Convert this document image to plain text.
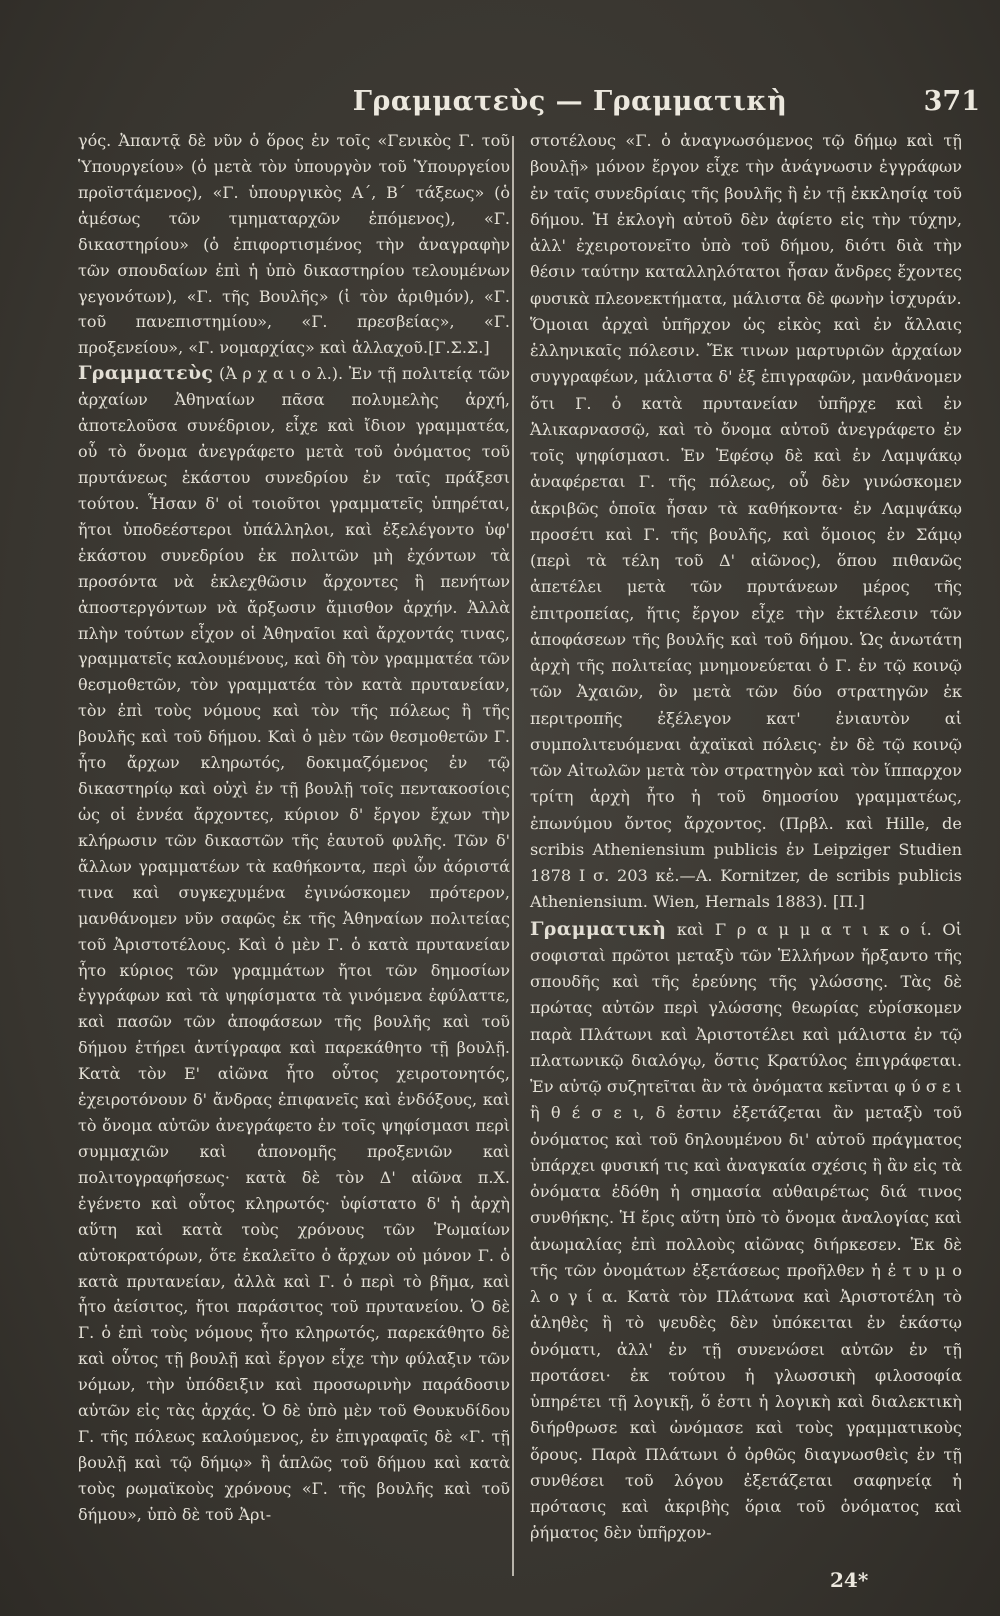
Γραμματεὺς — Γραμματικὴ	371

γός. Ἀπαντᾷ δὲ νῦν ὁ ὅρος ἐν τοῖς «Γενικὸς Γ. τοῦ Ὑπουργείου» (ὁ μετὰ τὸν ὑπουργὸν τοῦ Ὑπουργείου προϊστάμενος), «Γ. ὑπουργικὸς Α΄, Β΄ τάξεως» (ὁ ἀμέσως τῶν τμηματαρχῶν ἑπόμενος), «Γ. δικαστηρίου» (ὁ ἐπιφορτισμένος τὴν ἀναγραφὴν τῶν σπουδαίων ἐπὶ ἡ ὑπὸ δικαστηρίου τελουμένων γεγονότων), «Γ. τῆς Βουλῆς» (ἰ τὸν ἀριθμόν), «Γ. τοῦ πανεπιστημίου», «Γ. πρεσβείας», «Γ. προξενείου», «Γ. νομαρχίας» καὶ ἀλλαχοῦ.[Γ.Σ.Σ.]

Γραμματεὺς (Ἀ ρ χ α ι ο λ.). Ἐν τῇ πολιτείᾳ τῶν ἀρχαίων Ἀθηναίων πᾶσα πολυμελὴς ἀρχή, ἀποτελοῦσα συνέδριον, εἶχε καὶ ἴδιον γραμματέα, οὗ τὸ ὄνομα ἀνεγράφετο μετὰ τοῦ ὀνόματος τοῦ πρυτάνεως ἑκάστου συνεδρίου ἐν ταῖς πράξεσι τούτου. Ἦσαν δ' οἱ τοιοῦτοι γραμματεῖς ὑπηρέται, ἤτοι ὑποδεέστεροι ὑπάλληλοι, καὶ ἐξελέγοντο ὑφ' ἑκάστου συνεδρίου ἐκ πολιτῶν μὴ ἐχόντων τὰ προσόντα νὰ ἐκλεχθῶσιν ἄρχοντες ἢ πενήτων ἀποστεργόντων νὰ ἄρξωσιν ἄμισθον ἀρχήν. Ἀλλὰ πλὴν τούτων εἶχον οἱ Ἀθηναῖοι καὶ ἄρχοντάς τινας, γραμματεῖς καλουμένους, καὶ δὴ τὸν γραμματέα τῶν θεσμοθετῶν, τὸν γραμματέα τὸν κατὰ πρυτανείαν, τὸν ἐπὶ τοὺς νόμους καὶ τὸν τῆς πόλεως ἢ τῆς βουλῆς καὶ τοῦ δήμου. Καὶ ὁ μὲν τῶν θεσμοθετῶν Γ. ἦτο ἄρχων κληρωτός, δοκιμαζόμενος ἐν τῷ δικαστηρίῳ καὶ οὐχὶ ἐν τῇ βουλῇ τοῖς πεντακοσίοις ὡς οἱ ἐννέα ἄρχοντες, κύριον δ' ἔργον ἔχων τὴν κλήρωσιν τῶν δικαστῶν τῆς ἑαυτοῦ φυλῆς. Τῶν δ' ἄλλων γραμματέων τὰ καθήκοντα, περὶ ὧν ἀόριστά τινα καὶ συγκεχυμένα ἐγινώσκομεν πρότερον, μανθάνομεν νῦν σαφῶς ἐκ τῆς Ἀθηναίων πολιτείας τοῦ Ἀριστοτέλους. Καὶ ὁ μὲν Γ. ὁ κατὰ πρυτανείαν ἦτο κύριος τῶν γραμμάτων ἤτοι τῶν δημοσίων ἐγγράφων καὶ τὰ ψηφίσματα τὰ γινόμενα ἐφύλαττε, καὶ πασῶν τῶν ἀποφάσεων τῆς βουλῆς καὶ τοῦ δήμου ἐτήρει ἀντίγραφα καὶ παρεκάθητο τῇ βουλῇ. Κατὰ τὸν Ε' αἰῶνα ἦτο οὗτος χειροτονητός, ἐχειροτόνουν δ' ἄνδρας ἐπιφανεῖς καὶ ἐνδόξους, καὶ τὸ ὄνομα αὐτῶν ἀνεγράφετο ἐν τοῖς ψηφίσμασι περὶ συμμαχιῶν καὶ ἀπονομῆς προξενιῶν καὶ πολιτογραφήσεως· κατὰ δὲ τὸν Δ' αἰῶνα π.Χ. ἐγένετο καὶ οὗτος κληρωτός· ὑφίστατο δ' ἡ ἀρχὴ αὕτη καὶ κατὰ τοὺς χρόνους τῶν Ῥωμαίων αὐτοκρατόρων, ὅτε ἐκαλεῖτο ὁ ἄρχων οὐ μόνον Γ. ὁ κατὰ πρυτανείαν, ἀλλὰ καὶ Γ. ὁ περὶ τὸ βῆμα, καὶ ἦτο ἀείσιτος, ἤτοι παράσιτος τοῦ πρυτανείου. Ὁ δὲ Γ. ὁ ἐπὶ τοὺς νόμους ἦτο κληρωτός, παρεκάθητο δὲ καὶ οὗτος τῇ βουλῇ καὶ ἔργον εἶχε τὴν φύλαξιν τῶν νόμων, τὴν ὑπόδειξιν καὶ προσωρινὴν παράδοσιν αὐτῶν εἰς τὰς ἀρχάς. Ὁ δὲ ὑπὸ μὲν τοῦ Θουκυδίδου Γ. τῆς πόλεως καλούμενος, ἐν ἐπιγραφαῖς δὲ «Γ. τῇ βουλῇ καὶ τῷ δήμῳ» ἢ ἁπλῶς τοῦ δήμου καὶ κατὰ τοὺς ρωμαϊκοὺς χρόνους «Γ. τῆς βουλῆς καὶ τοῦ δήμου», ὑπὸ δὲ τοῦ Ἀρι-

στοτέλους «Γ. ὁ ἀναγνωσόμενος τῷ δήμῳ καὶ τῇ βουλῇ» μόνον ἔργον εἶχε τὴν ἀνάγνωσιν ἐγγράφων ἐν ταῖς συνεδρίαις τῆς βουλῆς ἢ ἐν τῇ ἐκκλησίᾳ τοῦ δήμου. Ἡ ἐκλογὴ αὐτοῦ δὲν ἀφίετο εἰς τὴν τύχην, ἀλλ' ἐχειροτονεῖτο ὑπὸ τοῦ δήμου, διότι διὰ τὴν θέσιν ταύτην καταλληλότατοι ἦσαν ἄνδρες ἔχοντες φυσικὰ πλεονεκτήματα, μάλιστα δὲ φωνὴν ἰσχυράν.

Ὅμοιαι ἀρχαὶ ὑπῆρχον ὡς εἰκὸς καὶ ἐν ἄλλαις ἑλληνικαῖς πόλεσιν. Ἔκ τινων μαρτυριῶν ἀρχαίων συγγραφέων, μάλιστα δ' ἐξ ἐπιγραφῶν, μανθάνομεν ὅτι Γ. ὁ κατὰ πρυτανείαν ὑπῆρχε καὶ ἐν Ἁλικαρνασσῷ, καὶ τὸ ὄνομα αὐτοῦ ἀνεγράφετο ἐν τοῖς ψηφίσμασι. Ἐν Ἐφέσῳ δὲ καὶ ἐν Λαμψάκῳ ἀναφέρεται Γ. τῆς πόλεως, οὗ δὲν γινώσκομεν ἀκριβῶς ὁποῖα ἦσαν τὰ καθήκοντα· ἐν Λαμψάκῳ προσέτι καὶ Γ. τῆς βουλῆς, καὶ ὅμοιος ἐν Σάμῳ (περὶ τὰ τέλη τοῦ Δ' αἰῶνος), ὅπου πιθανῶς ἀπετέλει μετὰ τῶν πρυτάνεων μέρος τῆς ἐπιτροπείας, ἥτις ἔργον εἶχε τὴν ἐκτέλεσιν τῶν ἀποφάσεων τῆς βουλῆς καὶ τοῦ δήμου. Ὡς ἀνωτάτη ἀρχὴ τῆς πολιτείας μνημονεύεται ὁ Γ. ἐν τῷ κοινῷ τῶν Ἀχαιῶν, ὃν μετὰ τῶν δύο στρατηγῶν ἐκ περιτροπῆς ἐξέλεγον κατ' ἐνιαυτὸν αἱ συμπολιτευόμεναι ἀχαϊκαὶ πόλεις· ἐν δὲ τῷ κοινῷ τῶν Αἰτωλῶν μετὰ τὸν στρατηγὸν καὶ τὸν ἵππαρχον τρίτη ἀρχὴ ἦτο ἡ τοῦ δημοσίου γραμματέως, ἐπωνύμου ὄντος ἄρχοντος. (Πρβλ. καὶ Hille, de scribis Atheniensium publicis ἐν Leipziger Studien 1878 I σ. 203 κἑ.—A. Kornitzer, de scribis publicis Atheniensium. Wien, Hernals 1883). [Π.]

Γραμματικὴ καὶ Γ ρ α μ μ α τ ι κ ο ί. Οἱ σοφισταὶ πρῶτοι μεταξὺ τῶν Ἑλλήνων ἤρξαντο τῆς σπουδῆς καὶ τῆς ἐρεύνης τῆς γλώσσης. Τὰς δὲ πρώτας αὐτῶν περὶ γλώσσης θεωρίας εὑρίσκομεν παρὰ Πλάτωνι καὶ Ἀριστοτέλει καὶ μάλιστα ἐν τῷ πλατωνικῷ διαλόγῳ, ὅστις Κρατύλος ἐπιγράφεται. Ἐν αὐτῷ συζητεῖται ἂν τὰ ὀνόματα κεῖνται φ ύ σ ε ι ἢ θ έ σ ε ι, δ ἐστιν ἐξετάζεται ἂν μεταξὺ τοῦ ὀνόματος καὶ τοῦ δηλουμένου δι' αὐτοῦ πράγματος ὑπάρχει φυσική τις καὶ ἀναγκαία σχέσις ἢ ἂν εἰς τὰ ὀνόματα ἐδόθη ἡ σημασία αὐθαιρέτως διά τινος συνθήκης. Ἡ ἔρις αὕτη ὑπὸ τὸ ὄνομα ἀναλογίας καὶ ἀνωμαλίας ἐπὶ πολλοὺς αἰῶνας διήρκεσεν. Ἐκ δὲ τῆς τῶν ὀνομάτων ἐξετάσεως προῆλθεν ἡ ἐ τ υ μ ο λ ο γ ί α. Κατὰ τὸν Πλάτωνα καὶ Ἀριστοτέλη τὸ ἀληθὲς ἢ τὸ ψευδὲς δὲν ὑπόκειται ἐν ἑκάστῳ ὀνόματι, ἀλλ' ἐν τῇ συνενώσει αὐτῶν ἐν τῇ προτάσει· ἐκ τούτου ἡ γλωσσικὴ φιλοσοφία ὑπηρέτει τῇ λογικῇ, ὅ ἐστι ἡ λογικὴ καὶ διαλεκτικὴ διήρθρωσε καὶ ὠνόμασε καὶ τοὺς γραμματικοὺς ὅρους. Παρὰ Πλάτωνι ὁ ὀρθῶς διαγνωσθεὶς ἐν τῇ συνθέσει τοῦ λόγου ἐξετάζεται σαφηνείᾳ ἡ πρότασις καὶ ἀκριβὴς ὅρια τοῦ ὀνόματος καὶ ῥήματος δὲν ὑπῆρχον-

24*
